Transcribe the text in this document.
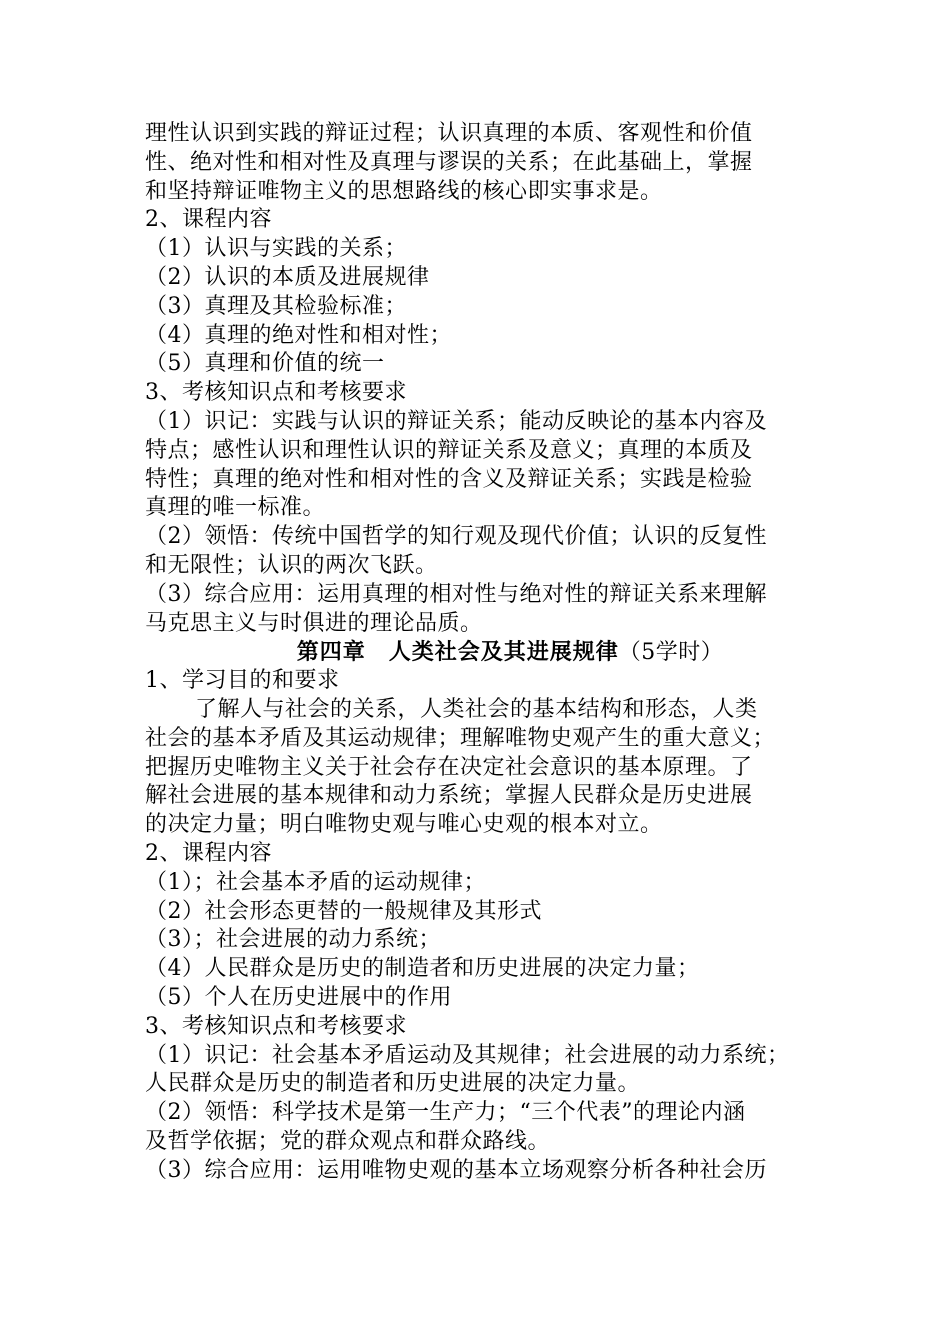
理性认识到实践的辩证过程；认识真理的本质、客观性和价值
性、绝对性和相对性及真理与谬误的关系；在此基础上，掌握
和坚持辩证唯物主义的思想路线的核心即实事求是。
2、课程内容
（1）认识与实践的关系；
（2）认识的本质及进展规律
（3）真理及其检验标准；
（4）真理的绝对性和相对性；
（5）真理和价值的统一
3、考核知识点和考核要求
（1）识记：实践与认识的辩证关系；能动反映论的基本内容及
特点；感性认识和理性认识的辩证关系及意义；真理的本质及
特性；真理的绝对性和相对性的含义及辩证关系；实践是检验
真理的唯一标准。
（2）领悟：传统中国哲学的知行观及现代价值；认识的反复性
和无限性；认识的两次飞跃。
（3）综合应用：运用真理的相对性与绝对性的辩证关系来理解
马克思主义与时俱进的理论品质。
第四章　人类社会及其进展规律（5学时）
1、学习目的和要求
了解人与社会的关系，人类社会的基本结构和形态，人类
社会的基本矛盾及其运动规律；理解唯物史观产生的重大意义；
把握历史唯物主义关于社会存在决定社会意识的基本原理。了
解社会进展的基本规律和动力系统；掌握人民群众是历史进展
的决定力量；明白唯物史观与唯心史观的根本对立。
2、课程内容
（1）；社会基本矛盾的运动规律；
（2）社会形态更替的一般规律及其形式
（3）；社会进展的动力系统；
（4）人民群众是历史的制造者和历史进展的决定力量；
（5）个人在历史进展中的作用
3、考核知识点和考核要求
（1）识记：社会基本矛盾运动及其规律；社会进展的动力系统；
人民群众是历史的制造者和历史进展的决定力量。
（2）领悟：科学技术是第一生产力；“三个代表”的理论内涵
及哲学依据；党的群众观点和群众路线。
（3）综合应用：运用唯物史观的基本立场观察分析各种社会历
